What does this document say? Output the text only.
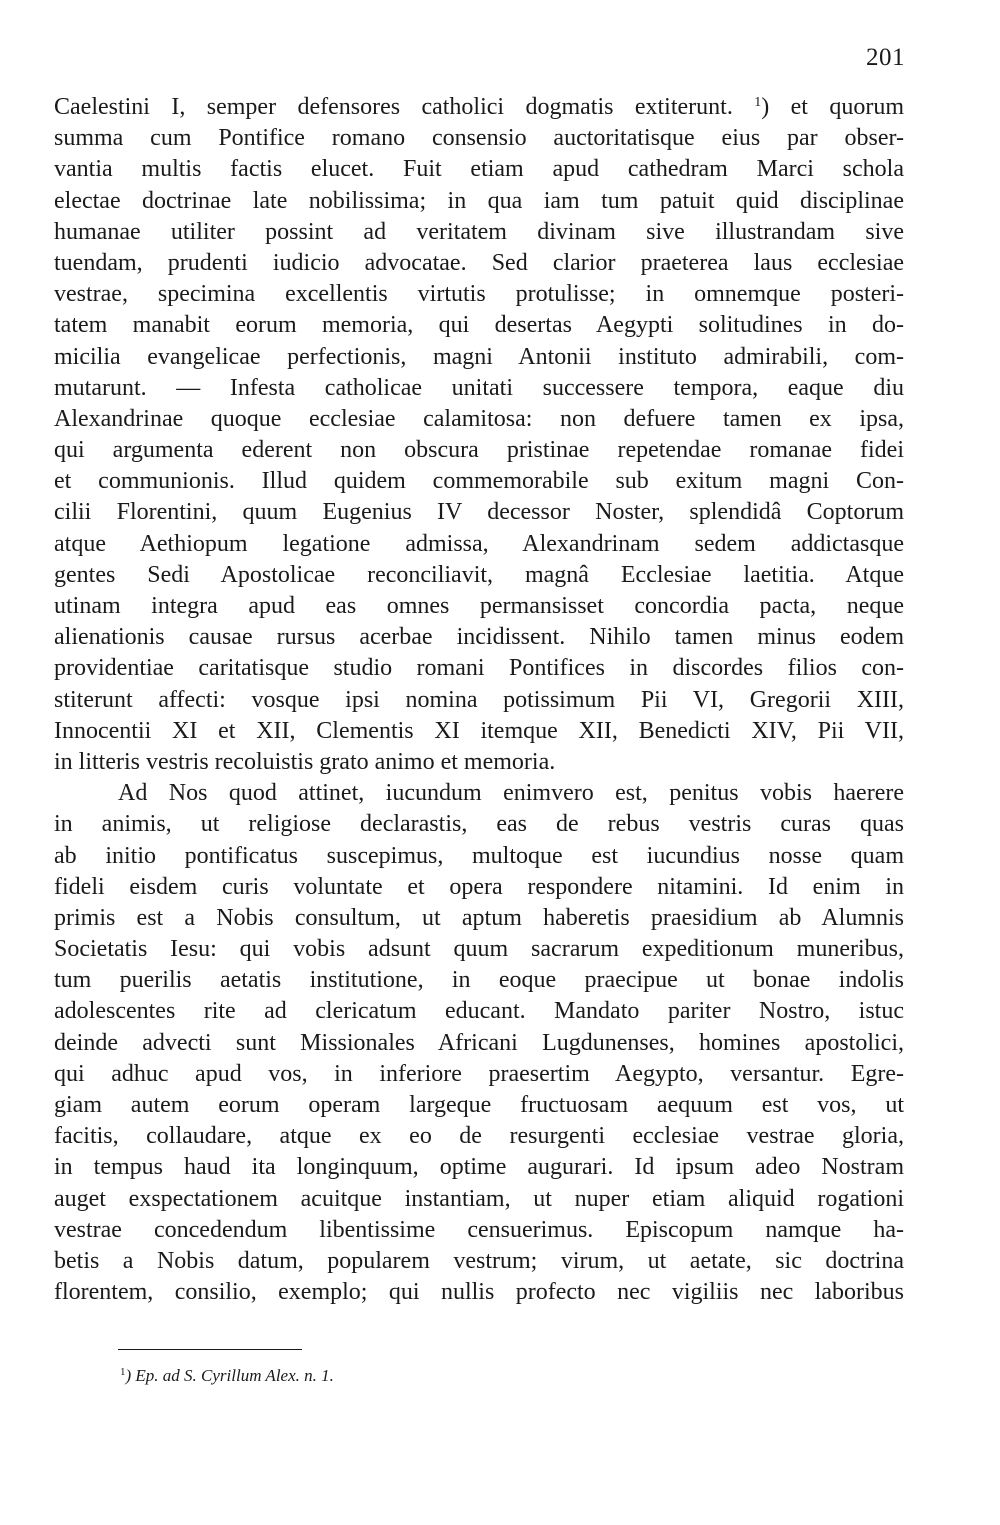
201
Caelestini I, semper defensores catholici dogmatis extiterunt. $^1$) et quorum
summa cum Pontifice romano consensio auctoritatisque eius par obser-
vantia multis factis elucet. Fuit etiam apud cathedram Marci schola
electae doctrinae late nobilissima; in qua iam tum patuit quid disciplinae
humanae utiliter possint ad veritatem divinam sive illustrandam sive
tuendam, prudenti iudicio advocatae. Sed clarior praeterea laus ecclesiae
vestrae, specimina excellentis virtutis protulisse; in omnemque posteri-
tatem manabit eorum memoria, qui desertas Aegypti solitudines in do-
micilia evangelicae perfectionis, magni Antonii instituto admirabili, com-
mutarunt. — Infesta catholicae unitati successere tempora, eaque diu
Alexandrinae quoque ecclesiae calamitosa: non defuere tamen ex ipsa,
qui argumenta ederent non obscura pristinae repetendae romanae fidei
et communionis. Illud quidem commemorabile sub exitum magni Con-
cilii Florentini, quum Eugenius IV decessor Noster, splendidâ Coptorum
atque Aethiopum legatione admissa, Alexandrinam sedem addictasque
gentes Sedi Apostolicae reconciliavit, magnâ Ecclesiae laetitia. Atque
utinam integra apud eas omnes permansisset concordia pacta, neque
alienationis causae rursus acerbae incidissent. Nihilo tamen minus eodem
providentiae caritatisque studio romani Pontifices in discordes filios con-
stiterunt affecti: vosque ipsi nomina potissimum Pii VI, Gregorii XIII,
Innocentii XI et XII, Clementis XI itemque XII, Benedicti XIV, Pii VII,
in litteris vestris recoluistis grato animo et memoria.
Ad Nos quod attinet, iucundum enimvero est, penitus vobis haerere
in animis, ut religiose declarastis, eas de rebus vestris curas quas
ab initio pontificatus suscepimus, multoque est iucundius nosse quam
fideli eisdem curis voluntate et opera respondere nitamini. Id enim in
primis est a Nobis consultum, ut aptum haberetis praesidium ab Alumnis
Societatis Iesu: qui vobis adsunt quum sacrarum expeditionum muneribus,
tum puerilis aetatis institutione, in eoque praecipue ut bonae indolis
adolescentes rite ad clericatum educant. Mandato pariter Nostro, istuc
deinde advecti sunt Missionales Africani Lugdunenses, homines apostolici,
qui adhuc apud vos, in inferiore praesertim Aegypto, versantur. Egre-
giam autem eorum operam largeque fructuosam aequum est vos, ut
facitis, collaudare, atque ex eo de resurgenti ecclesiae vestrae gloria,
in tempus haud ita longinquum, optime augurari. Id ipsum adeo Nostram
auget exspectationem acuitque instantiam, ut nuper etiam aliquid rogationi
vestrae concedendum libentissime censuerimus. Episcopum namque ha-
betis a Nobis datum, popularem vestrum; virum, ut aetate, sic doctrina
florentem, consilio, exemplo; qui nullis profecto nec vigiliis nec laboribus
$^1$) Ep. ad S. Cyrillum Alex. n. 1.
